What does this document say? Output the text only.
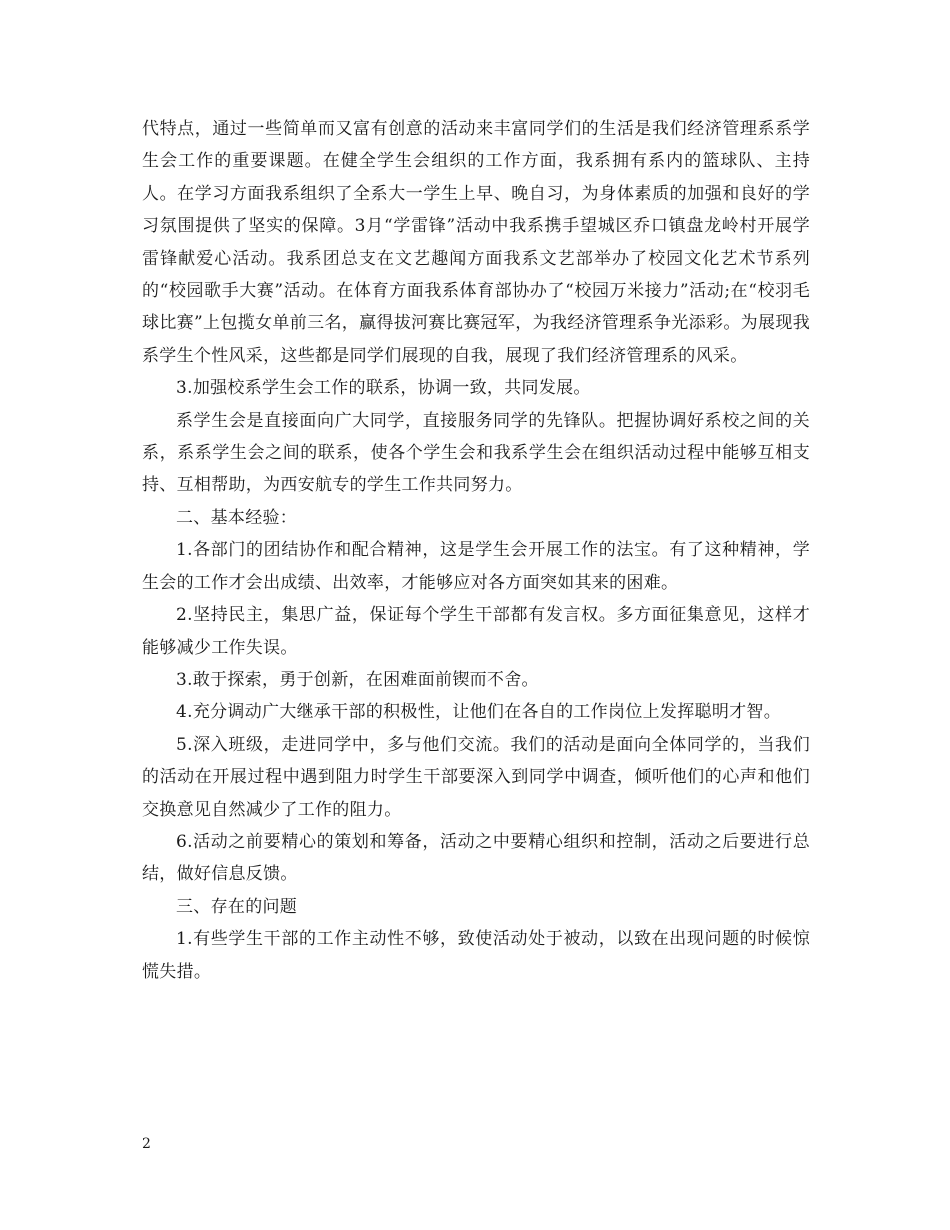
代特点，通过一些简单而又富有创意的活动来丰富同学们的生活是我们经济管理系系学生会工作的重要课题。在健全学生会组织的工作方面，我系拥有系内的篮球队、主持人。在学习方面我系组织了全系大一学生上早、晚自习，为身体素质的加强和良好的学习氛围提供了坚实的保障。3月“学雷锋”活动中我系携手望城区乔口镇盘龙岭村开展学雷锋献爱心活动。我系团总支在文艺趣闻方面我系文艺部举办了校园文化艺术节系列的“校园歌手大赛”活动。在体育方面我系体育部协办了“校园万米接力”活动;在“校羽毛球比赛”上包揽女单前三名，赢得拔河赛比赛冠军，为我经济管理系争光添彩。为展现我系学生个性风采，这些都是同学们展现的自我，展现了我们经济管理系的风采。

3.加强校系学生会工作的联系，协调一致，共同发展。

系学生会是直接面向广大同学，直接服务同学的先锋队。把握协调好系校之间的关系，系系学生会之间的联系，使各个学生会和我系学生会在组织活动过程中能够互相支持、互相帮助，为西安航专的学生工作共同努力。

二、基本经验：

1.各部门的团结协作和配合精神，这是学生会开展工作的法宝。有了这种精神，学生会的工作才会出成绩、出效率，才能够应对各方面突如其来的困难。

2.坚持民主，集思广益，保证每个学生干部都有发言权。多方面征集意见，这样才能够减少工作失误。

3.敢于探索，勇于创新，在困难面前锲而不舍。

4.充分调动广大继承干部的积极性，让他们在各自的工作岗位上发挥聪明才智。

5.深入班级，走进同学中，多与他们交流。我们的活动是面向全体同学的，当我们的活动在开展过程中遇到阻力时学生干部要深入到同学中调查，倾听他们的心声和他们交换意见自然减少了工作的阻力。

6.活动之前要精心的策划和筹备，活动之中要精心组织和控制，活动之后要进行总结，做好信息反馈。

三、存在的问题

1.有些学生干部的工作主动性不够，致使活动处于被动，以致在出现问题的时候惊慌失措。

2
